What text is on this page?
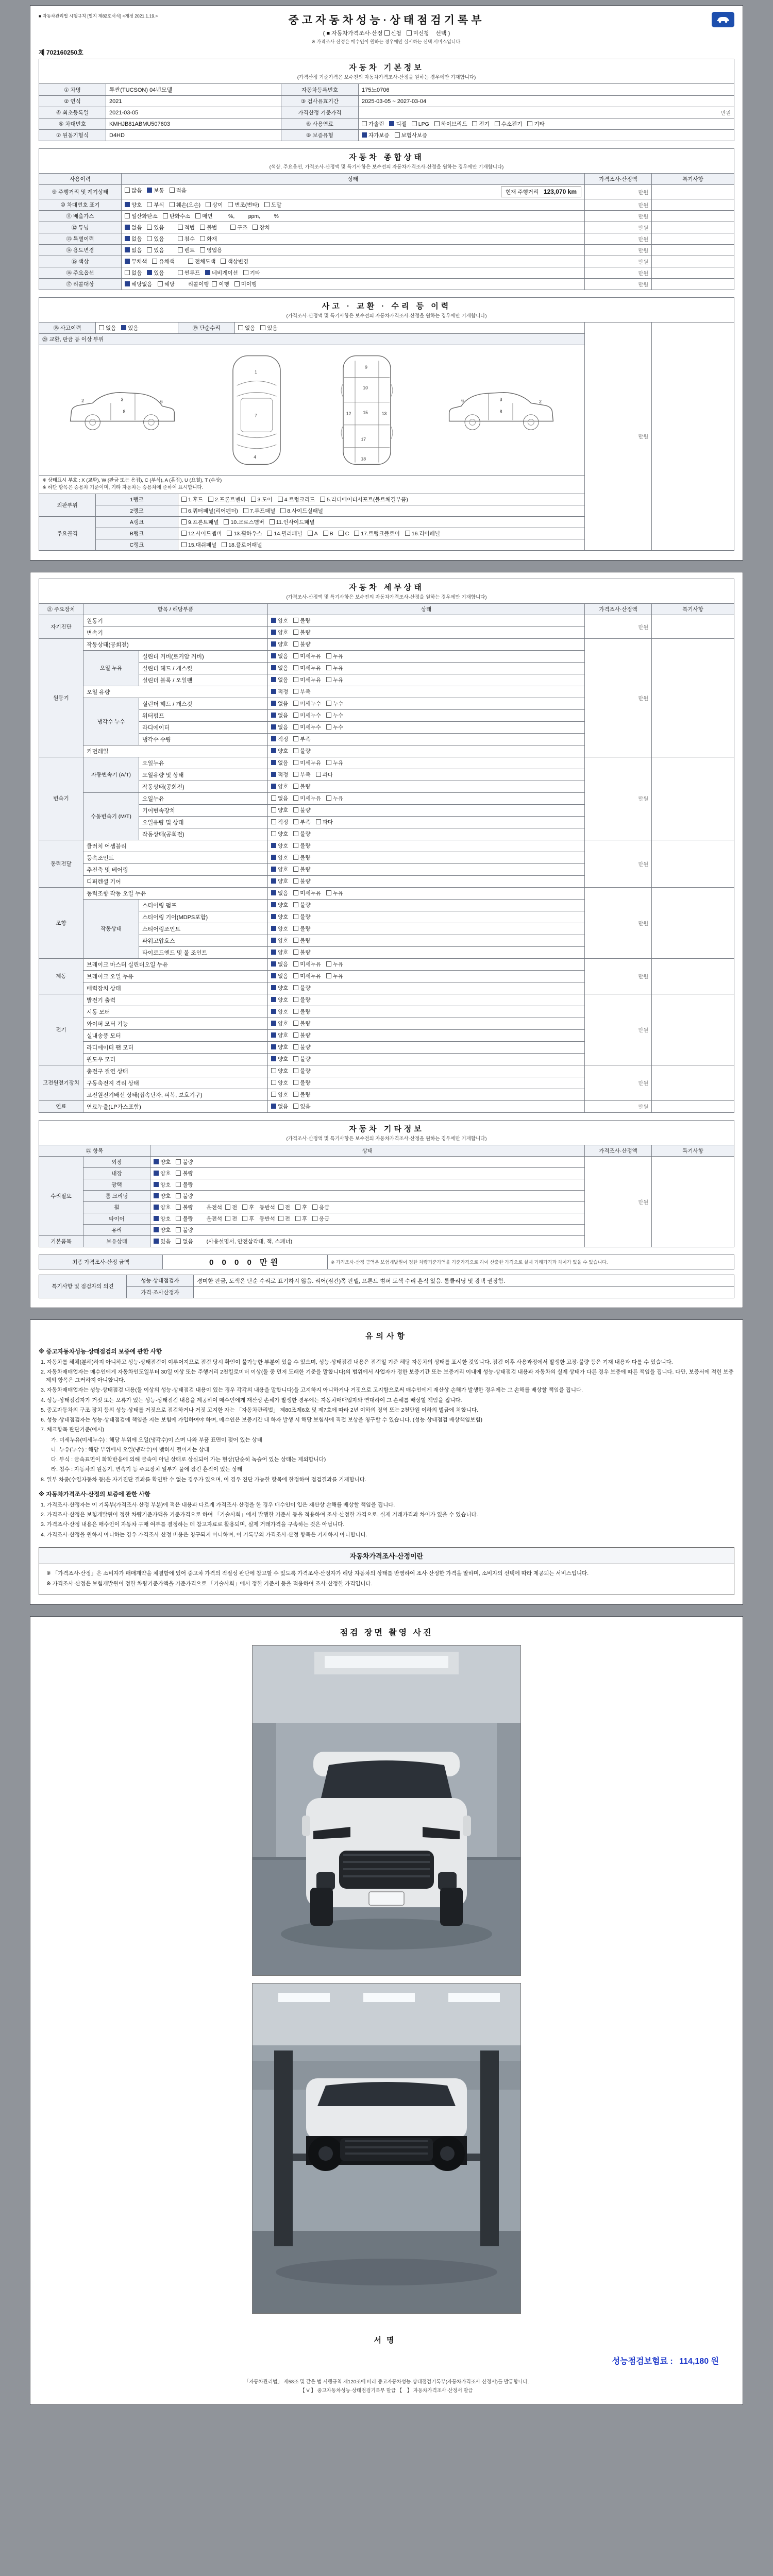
■ 자동차관리법 시행규칙 [별지 제82호서식] <개정 2021.1.19.>	중고자동차성능·상태점검기록부
( ■ 자동차가격조사·산정 신청 미신청 선택 )
※ 가격조사·산정은 매수인이 원하는 경우에만 실시하는 선택 서비스입니다.
제 702160250호
자동차 기본정보
(가격산정 기준가격은 보수전의 자동차가격조사·산정을 원하는 경우에만 기재합니다)
① 차명	투싼(TUCSON) 04년모델	자동차등록번호	175노0706
② 연식	2021	③ 검사유효기간	2025-03-05 ~ 2027-03-04
④ 최초등록일	2021-03-05	가격산정 기준가격	만원
⑤ 차대번호	KMHJB81ABMU507603	⑥ 사용연료	가솔린 디젤 LPG 하이브리드 전기 수소전기 기타
⑦ 원동기형식	D4HD	⑧ 보증유형	자가보증 보험사보증
자동차 종합상태
(색상, 주요옵션, 가격조사·산정액 및 특기사항은 보수전의 자동차가격조사·산정을 원하는 경우에만 기재합니다)
사용이력	상태	가격조사·산정액	특기사항
⑨ 주행거리 및 계기상태	많음 보통 적음 현재 주행거리 123,070 km	만원	
⑩ 차대번호 표기	양호 부식 훼손(오손) 상이 변조(변타) 도말	만원	
⑪ 배출가스	일산화탄소 탄화수소 매연       %,       ppm,       %	만원	
⑫ 튜닝	없음 있음 적법 불법 구조 장치	만원	
⑬ 특별이력	없음 있음 침수 화재	만원	
⑭ 용도변경	없음 있음 렌트 영업용	만원	
⑮ 색상	무채색 유채색 전체도색 색상변경	만원	
⑯ 주요옵션	없음 있음 썬루프 네비게이션 기타	만원	
⑰ 리콜대상	해당없음 해당 리콜이행 이행 미이행	만원	
사고 · 교환 · 수리 등 이력
(가격조사·산정액 및 특기사항은 보수전의 자동차가격조사·산정을 원하는 경우에만 기재합니다)
⑱ 사고이력	없음 있음	⑲ 단순수리	없음 있음	만원	
⑳ 교환, 판금 등 이상 부위					

2	3	6
8
1
7
4
9
10
12	13
15
17
18
6	3	2
8

※ 상태표시 부호 : X (교환), W (판금 또는 용접), C (부식), A (흠집), U (요철), T (손상)
※ 하단 항목은 승용차 기준이며, 기타 자동차는 승용차에 준하여 표시합니다.					

외판부위	1랭크	1.후드 2.프론트펜더 3.도어 4.트렁크리드 5.라디에이터서포트(볼트체결부품)			
	2랭크	6.쿼터패널(리어펜더) 7.루프패널 8.사이드실패널			
주요골격	A랭크	9.프론트패널 10.크로스멤버 11.인사이드패널			
	B랭크	12.사이드멤버 13.휠하우스 14.필러패널 A B C 17.트렁크플로어 16.리어패널			
	C랭크	15.대쉬패널 18.플로어패널			
자동차 세부상태
(가격조사·산정액 및 특기사항은 보수전의 자동차가격조사·산정을 원하는 경우에만 기재합니다)
㉑ 주요장치	항목 / 해당부품		상태	가격조사·산정액	특기사항
자기진단	원동기		양호 불량	만원	
	변속기		양호 불량		
원동기	작동상태(공회전)		양호 불량	만원	
	오일 누유	실린더 커버(로커암 커버)	없음 미세누유 누유		
		실린더 헤드 / 개스킷	없음 미세누유 누유		
		실린더 블록 / 오일팬	없음 미세누유 누유		
	오일 유량		적정 부족		
	냉각수 누수	실린더 헤드 / 개스킷	없음 미세누수 누수		
		워터펌프	없음 미세누수 누수		
		라디에이터	없음 미세누수 누수		
		냉각수 수량	적정 부족		
	커먼레일		양호 불량		
변속기	자동변속기 (A/T)	오일누유	없음 미세누유 누유	만원	
		오일유량 및 상태	적정 부족 과다		
		작동상태(공회전)	양호 불량		
	수동변속기 (M/T)	오일누유	없음 미세누유 누유		
		기어변속장치	양호 불량		
		오일유량 및 상태	적정 부족 과다		
		작동상태(공회전)	양호 불량		
동력전달	클러치 어셈블리		양호 불량	만원	
	등속조인트		양호 불량		
	추진축 및 베어링		양호 불량		
	디퍼렌셜 기어		양호 불량		
조향	동력조향 작동 오일 누유		없음 미세누유 누유	만원	
	작동상태	스티어링 펌프	양호 불량		
		스티어링 기어(MDPS포함)	양호 불량		
		스티어링조인트	양호 불량		
		파워고압호스	양호 불량		
		타이로드엔드 및 볼 조인트	양호 불량		
제동	브레이크 마스터 실린더오일 누유		없음 미세누유 누유	만원	
	브레이크 오일 누유		없음 미세누유 누유		
	배력장치 상태		양호 불량		
전기	발전기 출력		양호 불량	만원	
	시동 모터		양호 불량		
	와이퍼 모터 기능		양호 불량		
	실내송풍 모터		양호 불량		
	라디에이터 팬 모터		양호 불량		
	윈도우 모터		양호 불량		
고전원전기장치	충전구 절연 상태		양호 불량	만원	
	구동축전지 격리 상태		양호 불량		
	고전원전기배선 상태(접속단자, 피복, 보호기구)		양호 불량		
연료	연료누출(LP가스포함)		없음 있음	만원	
자동차 기타정보
(가격조사·산정액 및 특기사항은 보수전의 자동차가격조사·산정을 원하는 경우에만 기재합니다)
㉒ 항목		상태	가격조사·산정액	특기사항
수리필요	외장	양호 불량	만원	
	내장	양호 불량		
	광택	양호 불량		
	룸 크리닝	양호 불량		
	휠	양호 불량 운전석 전 후 동반석 전 후 응급		
	타이어	양호 불량 운전석 전 후 동반석 전 후 응급		
	유리	양호 불량		
기본품목	보유상태	있음 없음 (사용설명서, 안전삼각대, 잭, 스패너)		
최종 가격조사·산정 금액	0 0 0 0 만원	※ 가격조사·산정 금액은 보험개발원이 정한 차량기준가액을 기준가격으로 하여 산출한 가격으로 실제 거래가격과 차이가 있을 수 있습니다.
특기사항 및 점검자의 의견	성능·상태점검자	경미한 판금, 도색은 단순 수리로 표기하지 않음. 리어(짐칸)쪽 판넬, 프론트 범퍼 도색 수리 흔적 있음. 룸클리닝 및 광택 권장함.
	가격·조사산정자	
유의사항
※ 중고자동차성능·상태점검의 보증에 관한 사항
1. 자동차를 해체(분해)하지 아니하고 성능·상태점검이 이루어지므로 점검 당시 확인이 불가능한 부분이 있을 수 있으며, 성능·상태점검 내용은 점검일 기준 해당 자동차의 상태를 표시한 것입니다. 점검 이후 사용과정에서 발생한 고장·불량 등은 기재 내용과 다를 수 있습니다.
2. 자동차매매업자는 매수인에게 자동차인도일부터 30일 이상 또는 주행거리 2천킬로미터 이상(둘 중 먼저 도래한 기준을 말합니다)의 범위에서 사업자가 정한 보증기간 또는 보증거리 이내에 성능·상태점검 내용과 자동차의 실제 상태가 다른 경우 보증에 따른 책임을 집니다. 다만, 보증서에 적힌 보증 제외 항목은 그러하지 아니합니다.
3. 자동차매매업자는 성능·상태점검 내용(둘 이상의 성능·상태점검 내용이 있는 경우 각각의 내용을 말합니다)을 고지하지 아니하거나 거짓으로 고지함으로써 매수인에게 재산상 손해가 발생한 경우에는 그 손해를 배상할 책임을 집니다.
4. 성능·상태점검자가 거짓 또는 오류가 있는 성능·상태점검 내용을 제공하여 매수인에게 재산상 손해가 발생한 경우에는 자동차매매업자와 연대하여 그 손해를 배상할 책임을 집니다.
5. 중고자동차의 구조·장치 등의 성능·상태를 거짓으로 점검하거나 거짓 고지한 자는 「자동차관리법」 제80조제6호 및 제7호에 따라 2년 이하의 징역 또는 2천만원 이하의 벌금에 처합니다.
6. 성능·상태점검자는 성능·상태점검에 책임을 지는 보험에 가입하여야 하며, 매수인은 보증기간 내 하자 발생 시 해당 보험사에 직접 보상을 청구할 수 있습니다. (성능·상태점검 배상책임보험)
7. 체크항목 판단기준(예시)
가. 미세누유(미세누수) : 해당 부위에 오일(냉각수)이 스며 나와 부품 표면이 젖어 있는 상태
나. 누유(누수) : 해당 부위에서 오일(냉각수)이 맺혀서 떨어지는 상태
다. 부식 : 금속표면이 화학반응에 의해 금속이 아닌 상태로 상실되어 가는 현상(단순히 녹슬어 있는 상태는 제외합니다)
라. 침수 : 자동차의 원동기, 변속기 등 주요장치 일부가 물에 잠긴 흔적이 있는 상태
8. 일부 차종(수입자동차 등)은 자기진단 결과를 확인할 수 없는 경우가 있으며, 이 경우 진단 가능한 항목에 한정하여 점검결과를 기재합니다.
※ 자동차가격조사·산정의 보증에 관한 사항
1. 가격조사·산정자는 이 기록부(가격조사·산정 부분)에 적은 내용과 다르게 가격조사·산정을 한 경우 매수인이 입은 재산상 손해를 배상할 책임을 집니다.
2. 가격조사·산정은 보험개발원이 정한 차량기준가액을 기준가격으로 하여 「기술사회」에서 발행한 기준서 등을 적용하여 조사·산정한 가격으로, 실제 거래가격과 차이가 있을 수 있습니다.
3. 가격조사·산정 내용은 매수인이 자동차 구매 여부를 결정하는 데 참고자료로 활용되며, 실제 거래가격을 구속하는 것은 아닙니다.
4. 가격조사·산정을 원하지 아니하는 경우 가격조사·산정 비용은 청구되지 아니하며, 이 기록부의 가격조사·산정 항목은 기재하지 아니합니다.
자동차가격조사·산정이란
※ 「가격조사·산정」은 소비자가 매매계약을 체결함에 있어 중고차 가격의 적절성 판단에 참고할 수 있도록 가격조사·산정자가 해당 자동차의 상태를 반영하여 조사·산정한 가격을 말하며, 소비자의 선택에 따라 제공되는 서비스입니다.
※ 가격조사·산정은 보험개발원이 정한 차량기준가액을 기준가격으로 「기술사회」에서 정한 기준서 등을 적용하여 조사·산정한 가격입니다.
점검 장면 촬영 사진

서명
성능점검보험료 : 114,180 원
「자동차관리법」 제58조 및 같은 법 시행규칙 제120조에 따라 중고자동차성능·상태점검기록부(자동차가격조사·산정서)를 발급합니다.
【 V 】 중고자동차성능·상태점검기록부 발급 【　】 자동차가격조사·산정서 발급
